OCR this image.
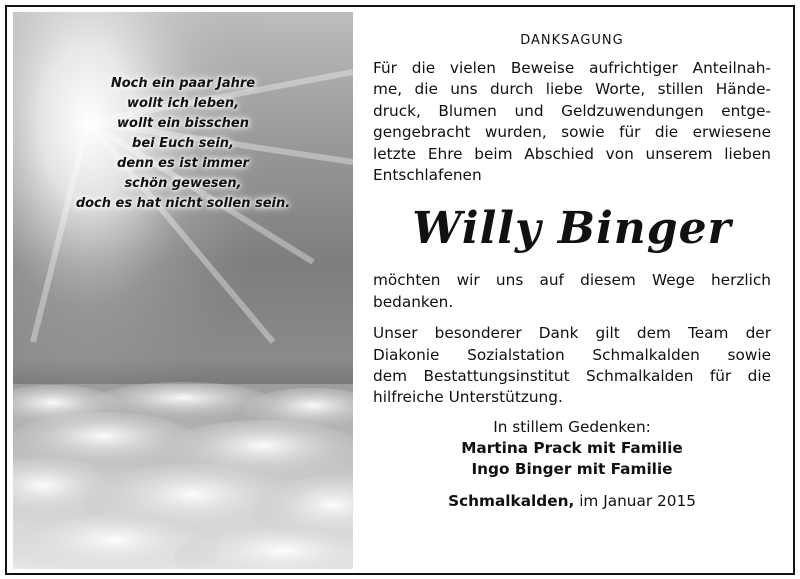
Noch ein paar Jahre
wollt ich leben,
wollt ein bisschen
bei Euch sein,
denn es ist immer
schön gewesen,
doch es hat nicht sollen sein.
DANKSAGUNG

Für die vielen Beweise aufrichtiger Anteilnah-
me, die uns durch liebe Worte, stillen Hände-
druck, Blumen und Geldzuwendungen entge-
gengebracht wurden, sowie für die erwiesene
letzte Ehre beim Abschied von unserem lieben
Entschlafenen

Willy Binger

möchten wir uns auf diesem Wege herzlich
bedanken.

Unser besonderer Dank gilt dem Team der
Diakonie Sozialstation Schmalkalden sowie
dem Bestattungsinstitut Schmalkalden für die
hilfreiche Unterstützung.

In stillem Gedenken:
Martina Prack mit Familie
Ingo Binger mit Familie
Schmalkalden, im Januar 2015
